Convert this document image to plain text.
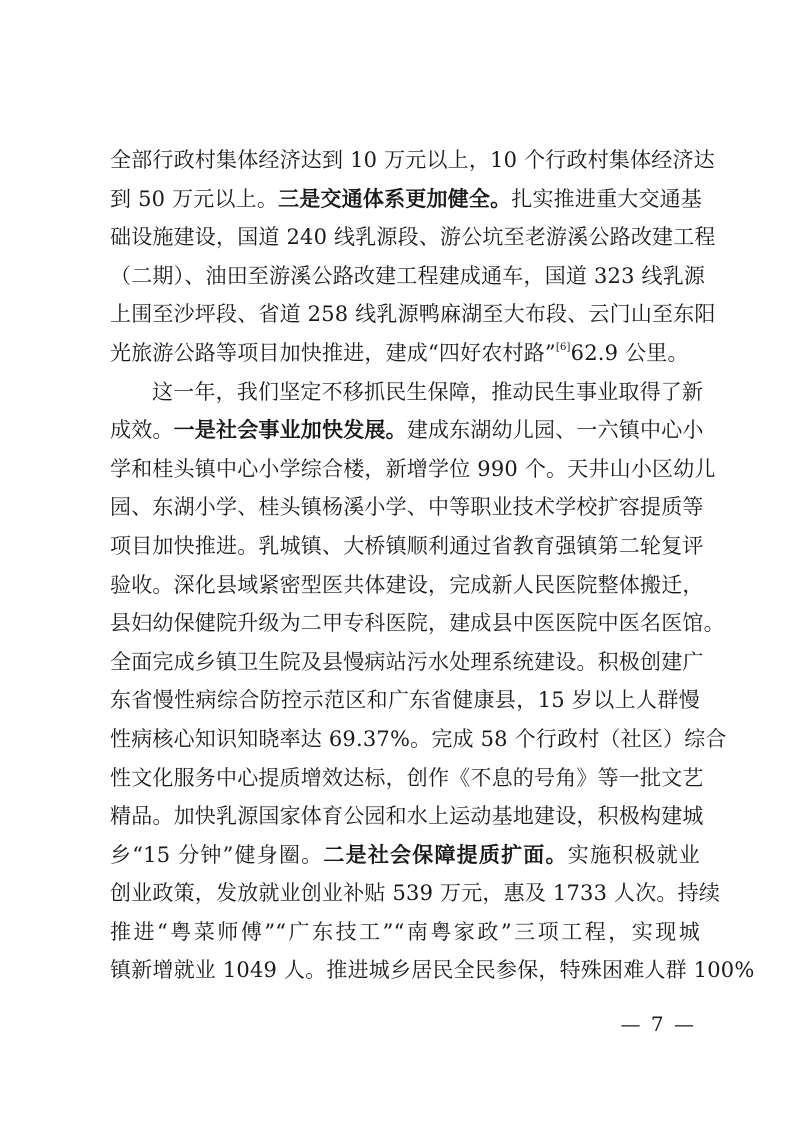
全部行政村集体经济达到 10 万元以上，10 个行政村集体经济达
到 50 万元以上。三是交通体系更加健全。扎实推进重大交通基
础设施建设，国道 240 线乳源段、游公坑至老游溪公路改建工程
（二期）、油田至游溪公路改建工程建成通车，国道 323 线乳源
上围至沙坪段、省道 258 线乳源鸭麻湖至大布段、云门山至东阳
光旅游公路等项目加快推进，建成“四好农村路”[6]62.9 公里。
这一年，我们坚定不移抓民生保障，推动民生事业取得了新
成效。一是社会事业加快发展。建成东湖幼儿园、一六镇中心小
学和桂头镇中心小学综合楼，新增学位 990 个。天井山小区幼儿
园、东湖小学、桂头镇杨溪小学、中等职业技术学校扩容提质等
项目加快推进。乳城镇、大桥镇顺利通过省教育强镇第二轮复评
验收。深化县域紧密型医共体建设，完成新人民医院整体搬迁，
县妇幼保健院升级为二甲专科医院，建成县中医医院中医名医馆。
全面完成乡镇卫生院及县慢病站污水处理系统建设。积极创建广
东省慢性病综合防控示范区和广东省健康县，15 岁以上人群慢
性病核心知识知晓率达 69.37%。完成 58 个行政村（社区）综合
性文化服务中心提质增效达标，创作《不息的号角》等一批文艺
精品。加快乳源国家体育公园和水上运动基地建设，积极构建城
乡“15 分钟”健身圈。二是社会保障提质扩面。实施积极就业
创业政策，发放就业创业补贴 539 万元，惠及 1733 人次。持续
推进“粤菜师傅”“广东技工”“南粤家政”三项工程，实现城
镇新增就业 1049 人。推进城乡居民全民参保，特殊困难人群 100%
— 7 —
